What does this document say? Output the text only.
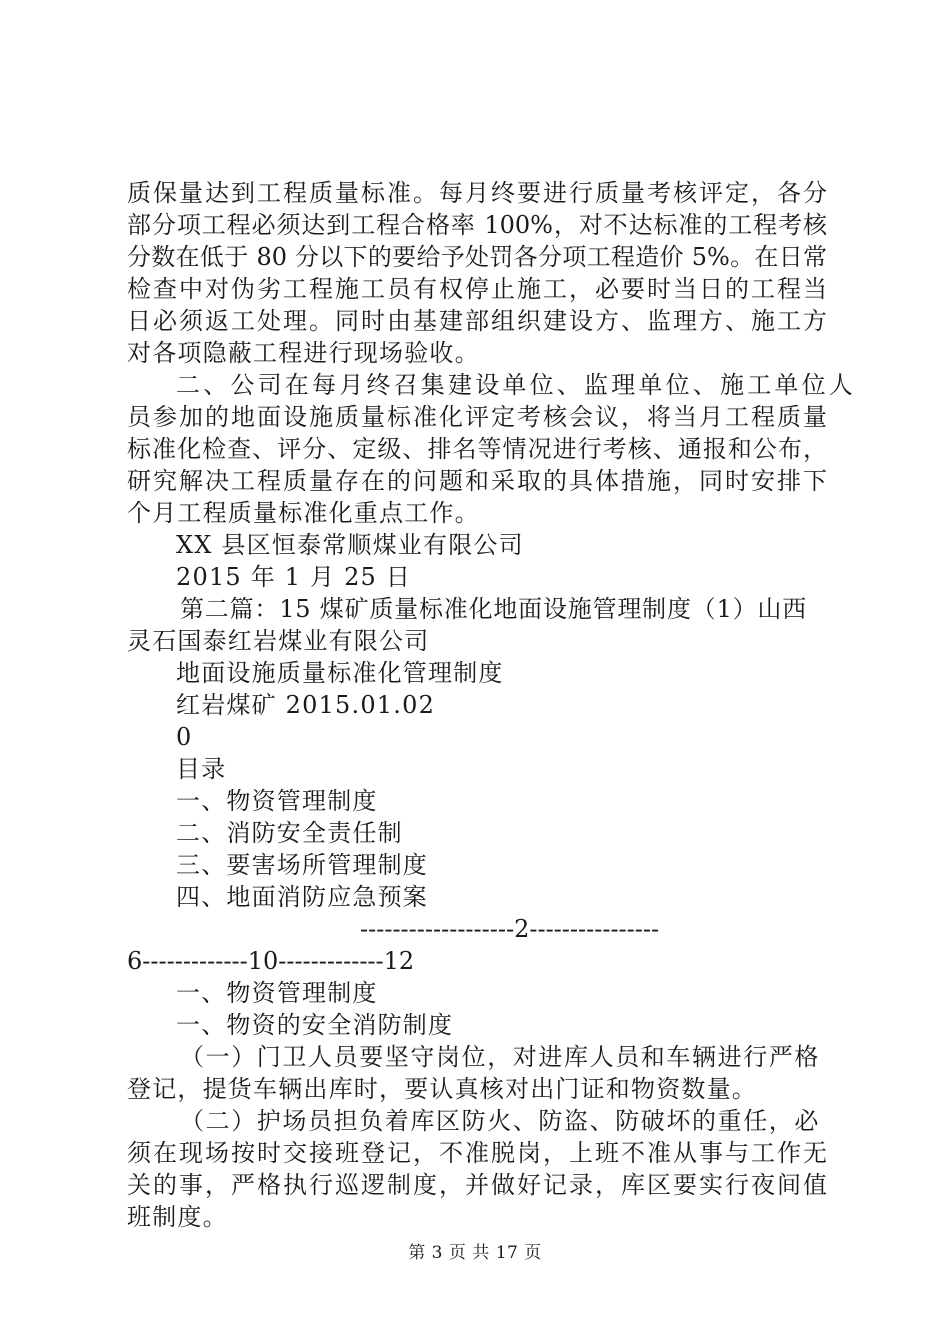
质保量达到工程质量标准。每月终要进行质量考核评定，各分
部分项工程必须达到工程合格率 100%，对不达标准的工程考核
分数在低于 80 分以下的要给予处罚各分项工程造价 5%。在日常
检查中对伪劣工程施工员有权停止施工，必要时当日的工程当
日必须返工处理。同时由基建部组织建设方、监理方、施工方
对各项隐蔽工程进行现场验收。
二、公司在每月终召集建设单位、监理单位、施工单位人
员参加的地面设施质量标准化评定考核会议，将当月工程质量
标准化检查、评分、定级、排名等情况进行考核、通报和公布，
研究解决工程质量存在的问题和采取的具体措施，同时安排下
个月工程质量标准化重点工作。
XX 县区恒泰常顺煤业有限公司
2015 年 1 月 25 日
第二篇：15 煤矿质量标准化地面设施管理制度（1）山西
灵石国泰红岩煤业有限公司
地面设施质量标准化管理制度
红岩煤矿 2015.01.02
0
目录
一、物资管理制度
二、消防安全责任制
三、要害场所管理制度
四、地面消防应急预案
-------------------2----------------
6-------------10-------------12
一、物资管理制度
一、物资的安全消防制度
（一）门卫人员要坚守岗位，对进库人员和车辆进行严格
登记，提货车辆出库时，要认真核对出门证和物资数量。
（二）护场员担负着库区防火、防盗、防破坏的重任，必
须在现场按时交接班登记，不准脱岗，上班不准从事与工作无
关的事，严格执行巡逻制度，并做好记录，库区要实行夜间值
班制度。
第 3 页 共 17 页
